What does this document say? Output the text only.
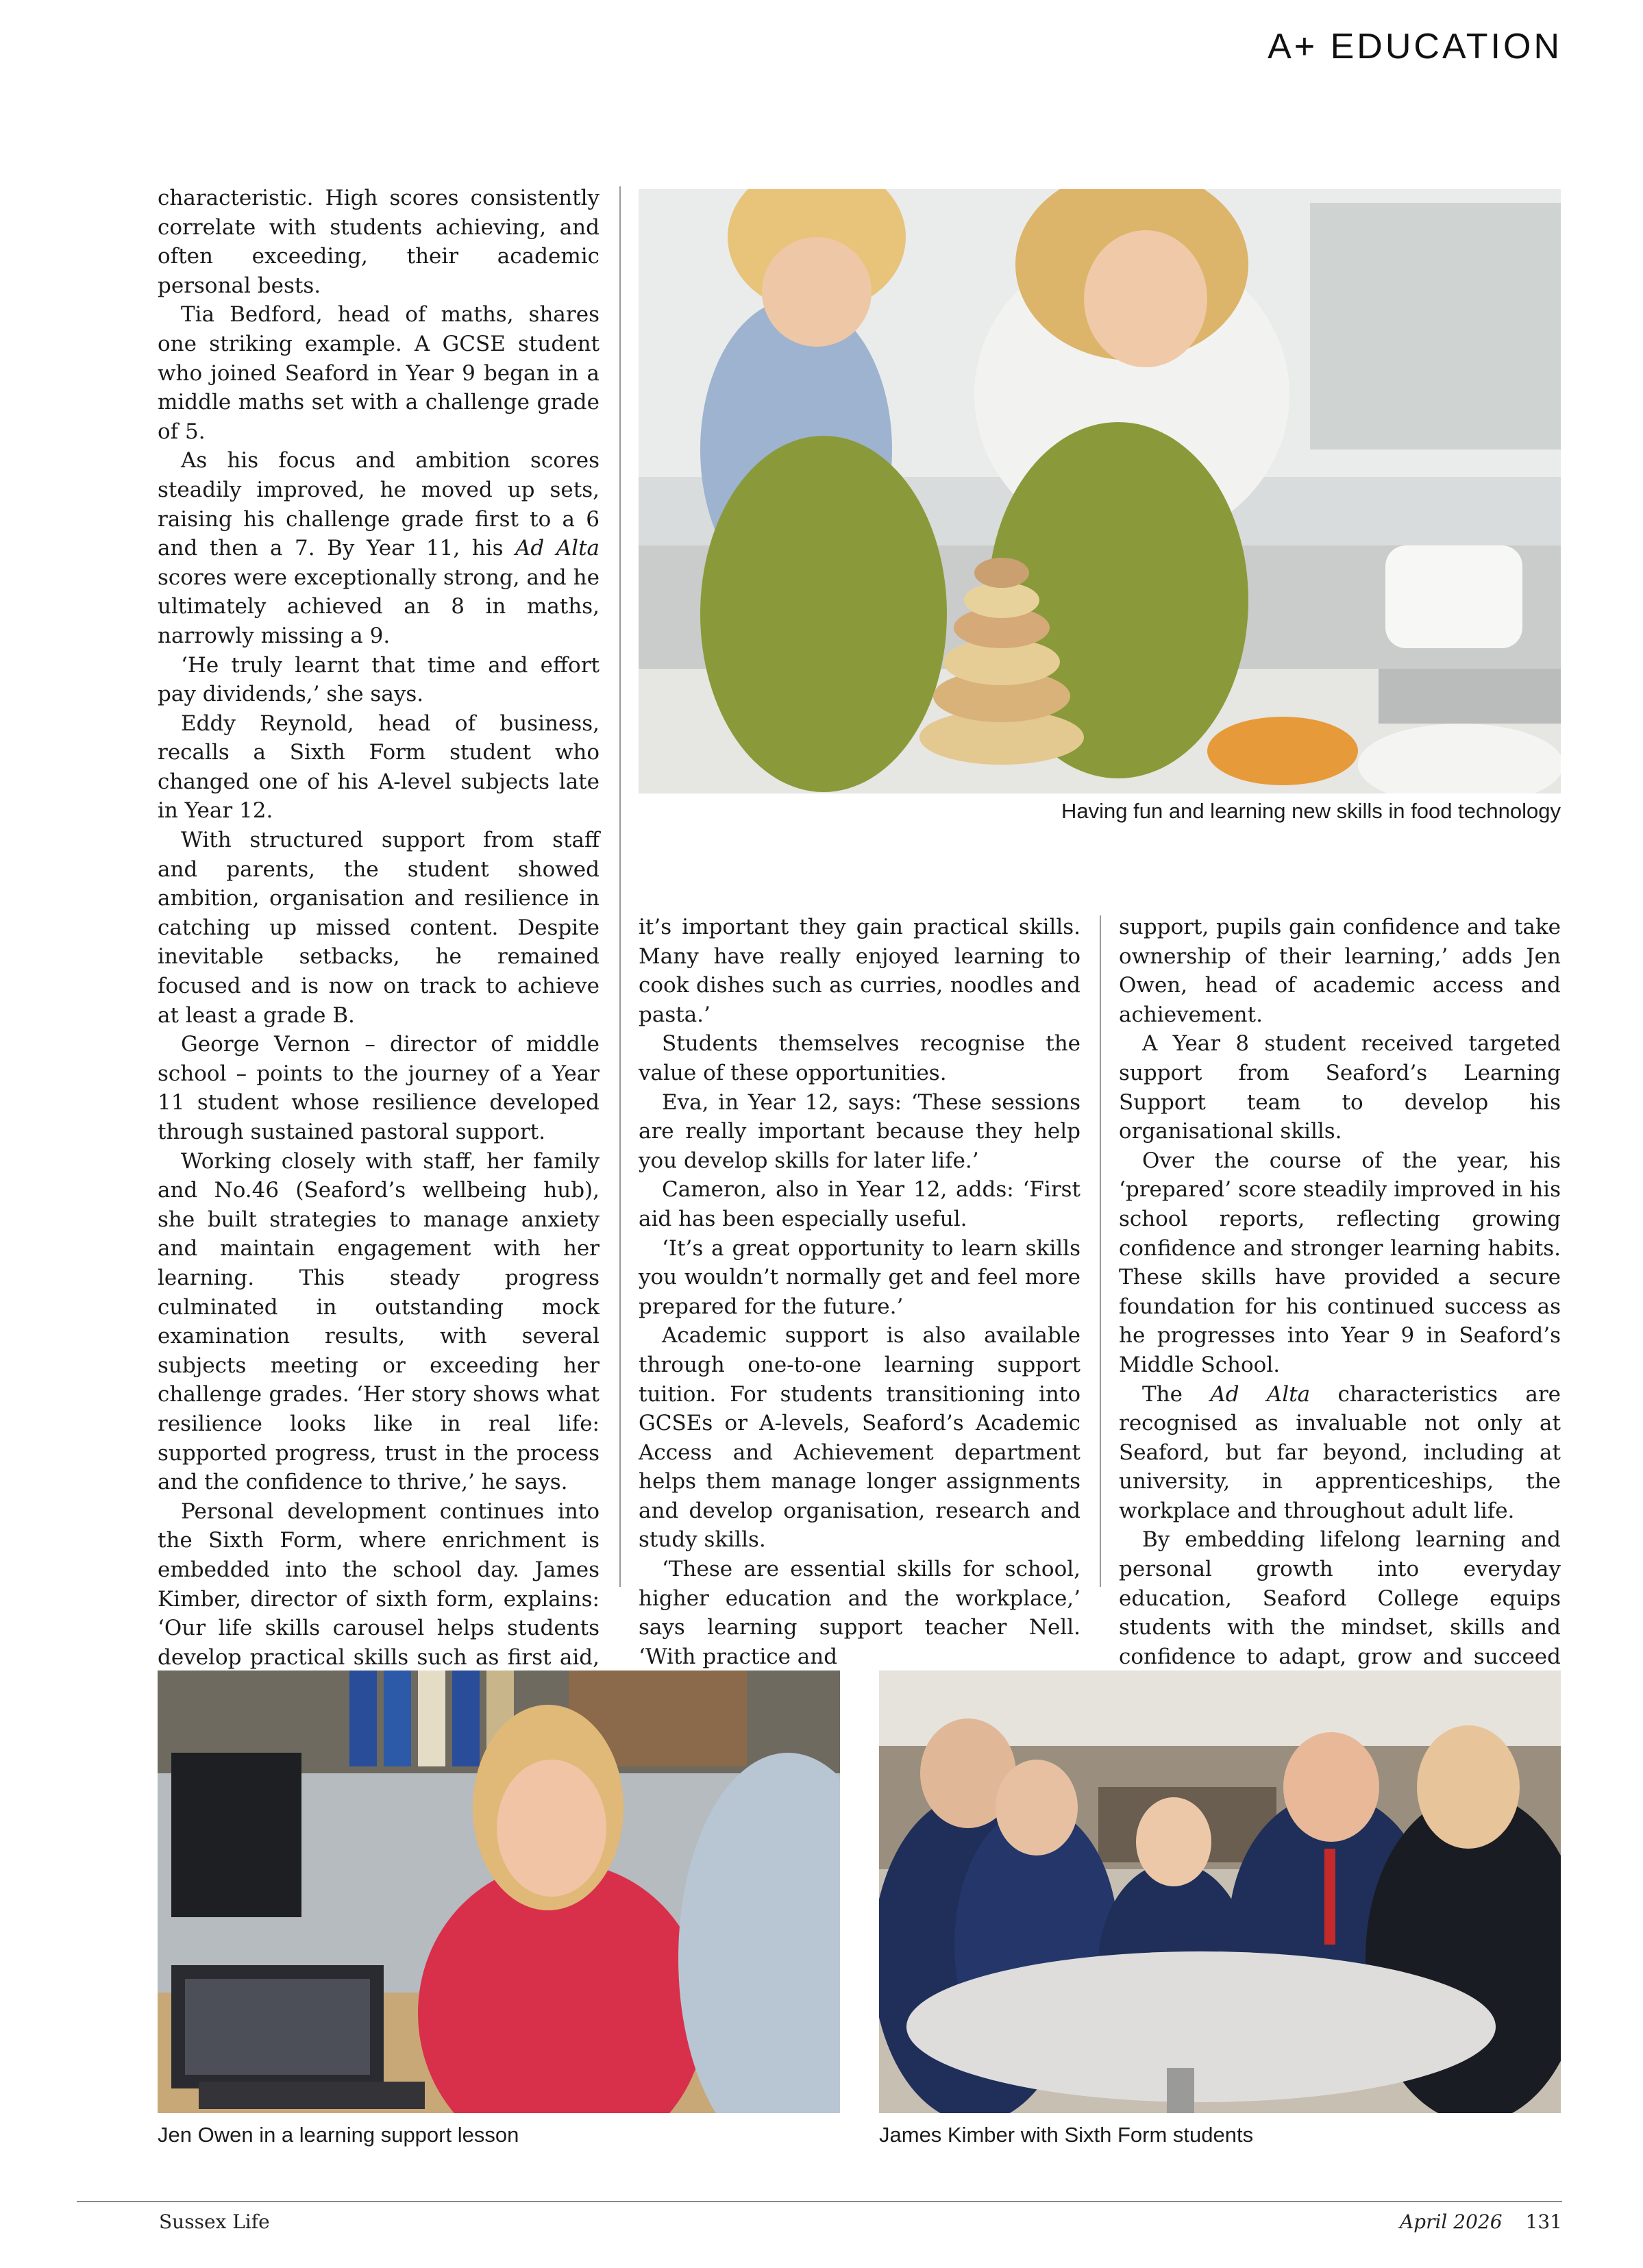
A+ EDUCATION

characteristic. High scores consistently correlate with students achieving, and often exceeding, their academic personal bests.

Tia Bedford, head of maths, shares one striking example. A GCSE student who joined Seaford in Year 9 began in a middle maths set with a challenge grade of 5.

As his focus and ambition scores steadily improved, he moved up sets, raising his challenge grade first to a 6 and then a 7. By Year 11, his Ad Alta scores were exceptionally strong, and he ultimately achieved an 8 in maths, narrowly missing a 9.

‘He truly learnt that time and effort pay dividends,’ she says.

Eddy Reynold, head of business, recalls a Sixth Form student who changed one of his A-level subjects late in Year 12.

With structured support from staff and parents, the student showed ambition, organisation and resilience in catching up missed content. Despite inevitable setbacks, he remained focused and is now on track to achieve at least a grade B.

George Vernon – director of middle school – points to the journey of a Year 11 student whose resilience developed through sustained pastoral support.

Working closely with staff, her family and No.46 (Seaford’s wellbeing hub), she built strategies to manage anxiety and maintain engagement with her learning. This steady progress culminated in outstanding mock examination results, with several subjects meeting or exceeding her challenge grades. ‘Her story shows what resilience looks like in real life: supported progress, trust in the process and the confidence to thrive,’ he says.

Personal development continues into the Sixth Form, where enrichment is embedded into the school day. James Kimber, director of sixth form, explains: ‘Our life skills carousel helps students develop practical skills such as first aid,

it’s important they gain practical skills. Many have really enjoyed learning to cook dishes such as curries, noodles and pasta.’

Students themselves recognise the value of these opportunities.

Eva, in Year 12, says: ‘These sessions are really important because they help you develop skills for later life.’

Cameron, also in Year 12, adds: ‘First aid has been especially useful.

‘It’s a great opportunity to learn skills you wouldn’t normally get and feel more prepared for the future.’

Academic support is also available through one-to-one learning support tuition. For students transitioning into GCSEs or A-levels, Seaford’s Academic Access and Achievement department helps them manage longer assignments and develop organisation, research and study skills.

‘These are essential skills for school, higher education and the workplace,’ says learning support teacher Nell. ‘With practice and

support, pupils gain confidence and take ownership of their learning,’ adds Jen Owen, head of academic access and achievement.

A Year 8 student received targeted support from Seaford’s Learning Support team to develop his organisational skills.

Over the course of the year, his ‘prepared’ score steadily improved in his school reports, reflecting growing confidence and stronger learning habits. These skills have provided a secure foundation for his continued success as he progresses into Year 9 in Seaford’s Middle School.

The Ad Alta characteristics are recognised as invaluable not only at Seaford, but far beyond, including at university, in apprenticeships, the workplace and throughout adult life.

By embedding lifelong learning and personal growth into everyday education, Seaford College equips students with the mindset, skills and confidence to adapt, grow and succeed

Having fun and learning new skills in food technology
Jen Owen in a learning support lesson	James Kimber with Sixth Form students
Sussex Life	April 2026 131
